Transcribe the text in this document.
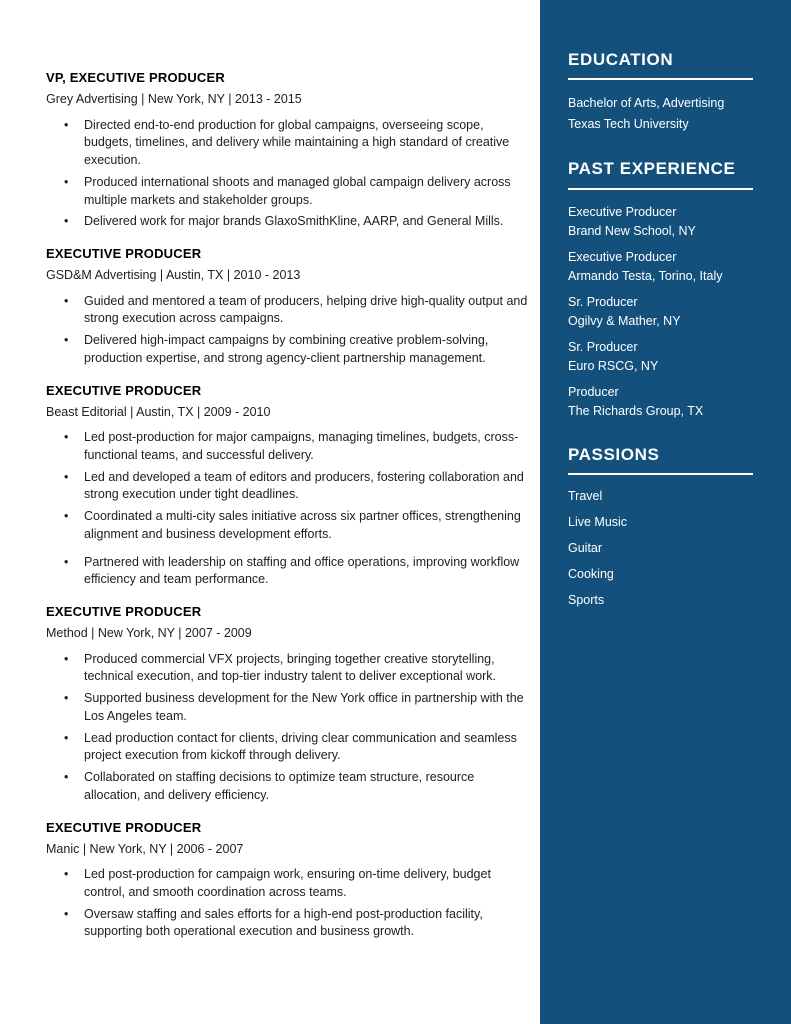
VP, EXECUTIVE PRODUCER

Grey Advertising | New York, NY | 2013 - 2015

• Directed end-to-end production for global campaigns, overseeing scope, budgets, timelines, and delivery while maintaining a high standard of creative execution.
• Produced international shoots and managed global campaign delivery across multiple markets and stakeholder groups.
• Delivered work for major brands GlaxoSmithKline, AARP, and General Mills.
EXECUTIVE PRODUCER

GSD&M Advertising | Austin, TX | 2010 - 2013

• Guided and mentored a team of producers, helping drive high-quality output and strong execution across campaigns.
• Delivered high-impact campaigns by combining creative problem-solving, production expertise, and strong agency-client partnership management.
EXECUTIVE PRODUCER

Beast Editorial | Austin, TX | 2009 - 2010

• Led post-production for major campaigns, managing timelines, budgets, cross-functional teams, and successful delivery.
• Led and developed a team of editors and producers, fostering collaboration and strong execution under tight deadlines.
• Coordinated a multi-city sales initiative across six partner offices, strengthening alignment and business development efforts.
• Partnered with leadership on staffing and office operations, improving workflow efficiency and team performance.
EXECUTIVE PRODUCER

Method | New York, NY | 2007 - 2009

• Produced commercial VFX projects, bringing together creative storytelling, technical execution, and top-tier industry talent to deliver exceptional work.
• Supported business development for the New York office in partnership with the Los Angeles team.
• Lead production contact for clients, driving clear communication and seamless project execution from kickoff through delivery.
• Collaborated on staffing decisions to optimize team structure, resource allocation, and delivery efficiency.
EXECUTIVE PRODUCER

Manic | New York, NY | 2006 - 2007

• Led post-production for campaign work, ensuring on-time delivery, budget control, and smooth coordination across teams.
• Oversaw staffing and sales efforts for a high-end post-production facility, supporting both operational execution and business growth.
EDUCATION

Bachelor of Arts, Advertising

Texas Tech University

PAST EXPERIENCE

Executive Producer

Brand New School, NY

Executive Producer

Armando Testa, Torino, Italy

Sr. Producer

Ogilvy & Mather, NY

Sr. Producer

Euro RSCG, NY

Producer

The Richards Group, TX

PASSIONS
Travel
Live Music
Guitar
Cooking
Sports
